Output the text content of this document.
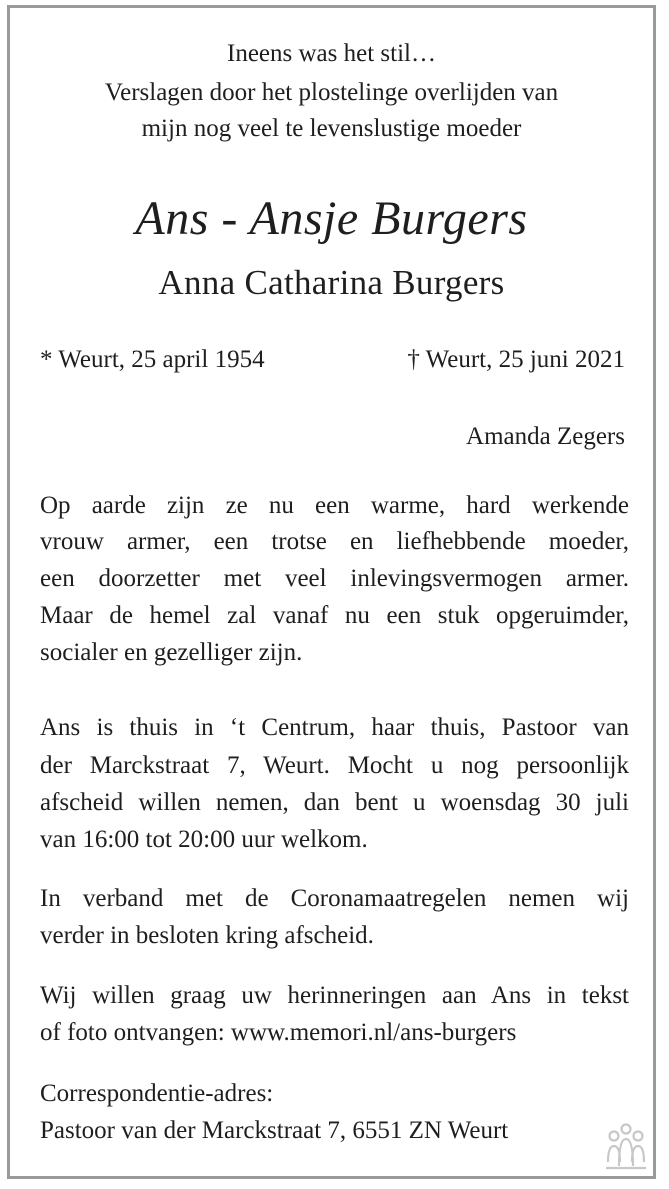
Ineens was het stil…
Verslagen door het plostelinge overlijden van
mijn nog veel te levenslustige moeder
Ans - Ansje Burgers
Anna Catharina Burgers
* Weurt, 25 april 1954	† Weurt, 25 juni 2021
Amanda Zegers
Op aarde zijn ze nu een warme, hard werkende
vrouw armer, een trotse en liefhebbende moeder,
een doorzetter met veel inlevingsvermogen armer.
Maar de hemel zal vanaf nu een stuk opgeruimder,
socialer en gezelliger zijn.
Ans is thuis in ‘t Centrum, haar thuis, Pastoor van
der Marckstraat 7, Weurt. Mocht u nog persoonlijk
afscheid willen nemen, dan bent u woensdag 30 juli
van 16:00 tot 20:00 uur welkom.
In verband met de Coronamaatregelen nemen wij
verder in besloten kring afscheid.
Wij willen graag uw herinneringen aan Ans in tekst
of foto ontvangen: www.memori.nl/ans-burgers
Correspondentie-adres:
Pastoor van der Marckstraat 7, 6551 ZN Weurt
